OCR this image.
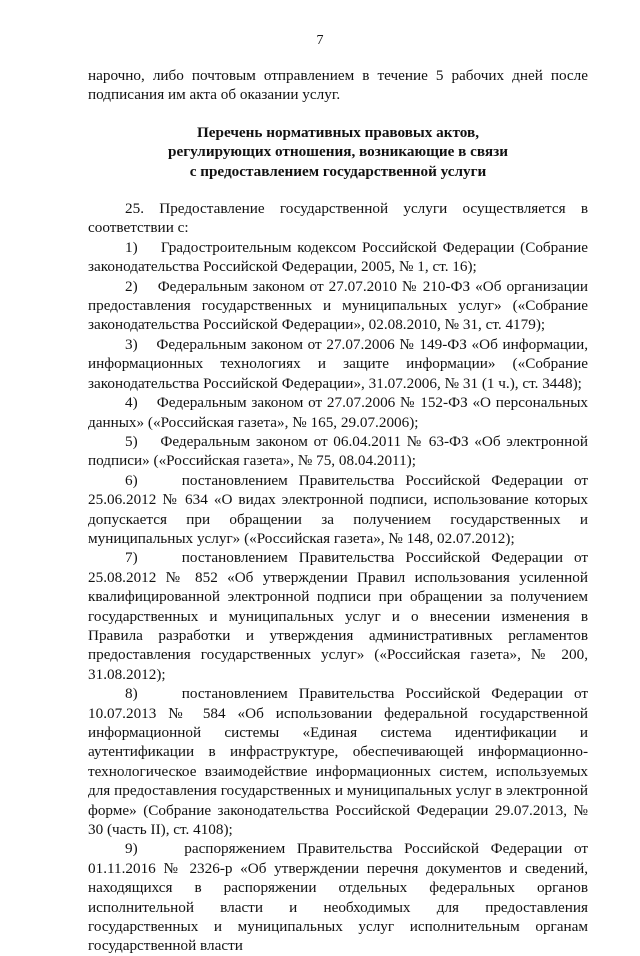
7

нарочно, либо почтовым отправлением в течение 5 рабочих дней после подписания им акта об оказании услуг.

Перечень нормативных правовых актов,
регулирующих отношения, возникающие в связи
с предоставлением государственной услуги

25. Предоставление государственной услуги осуществляется в соответствии с:

1) Градостроительным кодексом Российской Федерации (Собрание законодательства Российской Федерации, 2005, № 1, ст. 16);

2) Федеральным законом от 27.07.2010 № 210-ФЗ «Об организации предоставления государственных и муниципальных услуг» («Собрание законодательства Российской Федерации», 02.08.2010, № 31, ст. 4179);

3) Федеральным законом от 27.07.2006 № 149-ФЗ «Об информации, информационных технологиях и защите информации» («Собрание законодательства Российской Федерации», 31.07.2006, № 31 (1 ч.), ст. 3448);

4) Федеральным законом от 27.07.2006 № 152-ФЗ «О персональных данных» («Российская газета», № 165, 29.07.2006);

5) Федеральным законом от 06.04.2011 № 63-ФЗ «Об электронной подписи» («Российская газета», № 75, 08.04.2011);

6)	постановлением Правительства Российской Федерации от 25.06.2012 № 634 «О видах электронной подписи, использование которых допускается при обращении за получением государственных и муниципальных услуг» («Российская газета», № 148, 02.07.2012);

7)	постановлением Правительства Российской Федерации от 25.08.2012 № 852 «Об утверждении Правил использования усиленной квалифицированной электронной подписи при обращении за получением государственных и муниципальных услуг и о внесении изменения в Правила разработки и утверждения административных регламентов предоставления государственных услуг» («Российская газета», № 200, 31.08.2012);

8)	постановлением Правительства Российской Федерации от 10.07.2013 № 584 «Об использовании федеральной государственной информационной системы «Единая система идентификации и аутентификации в инфраструктуре, обеспечивающей информационно-технологическое взаимодействие информационных систем, используемых для предоставления государственных и муниципальных услуг в электронной форме» (Собрание законодательства Российской Федерации 29.07.2013, № 30 (часть II), ст. 4108);

9)	распоряжением Правительства Российской Федерации от 01.11.2016 № 2326-р «Об утверждении перечня документов и сведений, находящихся в распоряжении отдельных федеральных органов исполнительной власти и необходимых для предоставления государственных и муниципальных услуг исполнительным органам государственной власти
